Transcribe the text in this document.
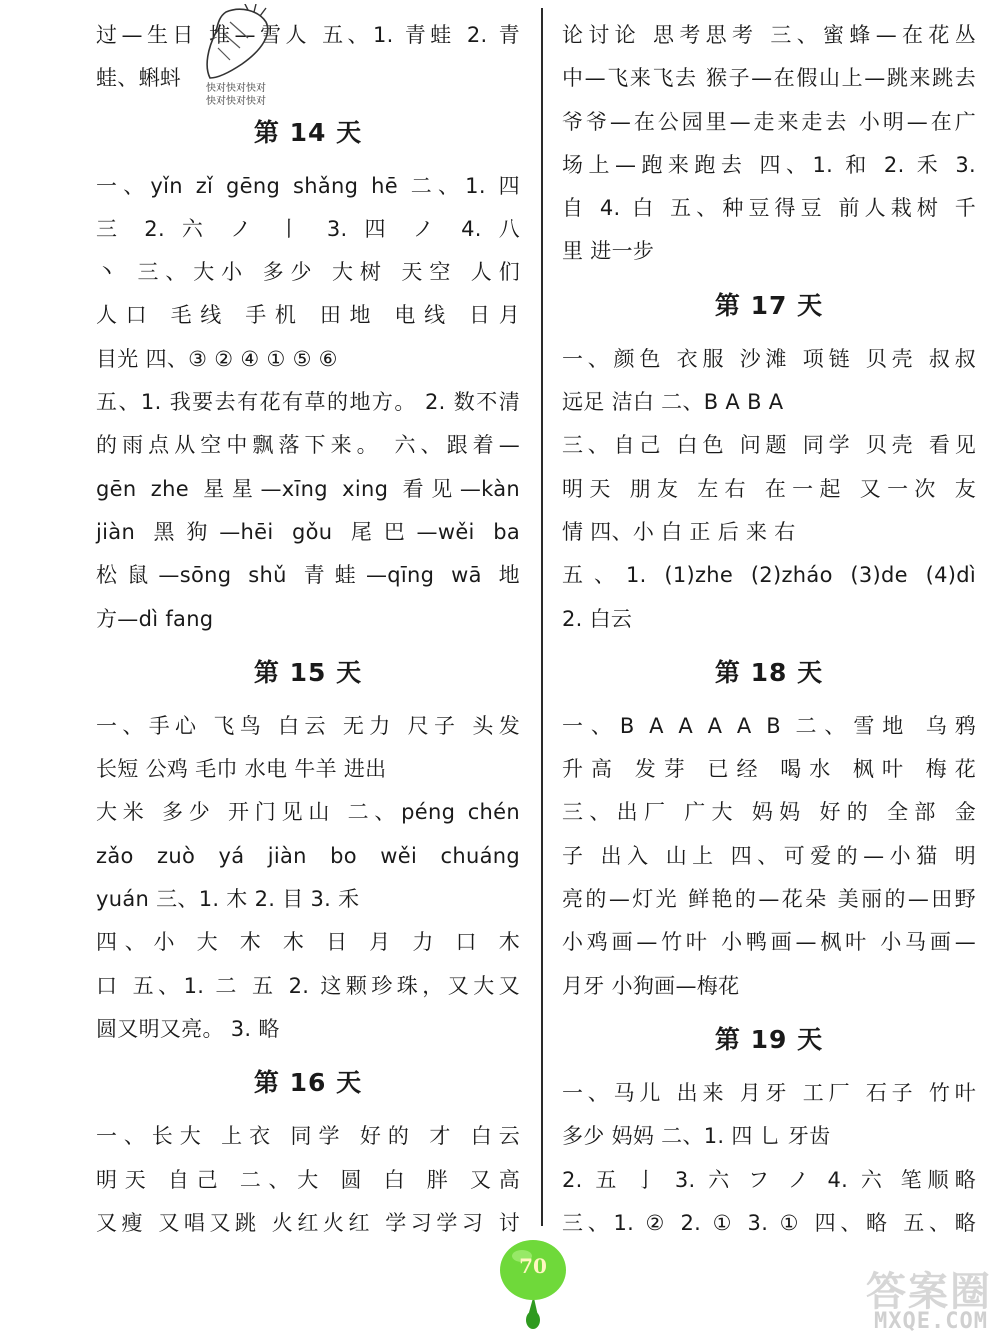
过—生日 堆—雪人 五、1. 青蛙 2. 青
蛙、蝌蚪
第 14 天
一、yǐn zǐ gēng shǎng hē 二、1. 四
三 2. 六 ノ 丨 3. 四 ノ 4. 八
丶 三、大小 多少 大树 天空 人们
人口 毛线 手机 田地 电线 日月
目光 四、③ ② ④ ① ⑤ ⑥
五、1. 我要去有花有草的地方。 2. 数不清
的雨点从空中飘落下来。 六、跟着—
gēn zhe 星星—xīng xing 看见—kàn
jiàn 黑狗—hēi gǒu 尾巴—wěi ba
松鼠—sōng shǔ 青蛙—qīng wā 地
方—dì fang
第 15 天
一、手心 飞鸟 白云 无力 尺子 头发
长短 公鸡 毛巾 水电 牛羊 进出
大米 多少 开门见山 二、péng chén
zǎo zuò yá jiàn bo wěi chuáng
yuán 三、1. 木 2. 目 3. 禾
四、小 大 木 木 日 月 力 口 木
口 五、1. 二 五 2. 这颗珍珠，又大又
圆又明又亮。 3. 略
第 16 天
一、长大 上衣 同学 好的 才 白云
明天 自己 二、大 圆 白 胖 又高
又瘦 又唱又跳 火红火红 学习学习 讨
快对快对快对
快对快对快对
论讨论 思考思考 三、蜜蜂—在花丛
中—飞来飞去 猴子—在假山上—跳来跳去
爷爷—在公园里—走来走去 小明—在广
场上—跑来跑去 四、1. 和 2. 禾 3.
自 4. 白 五、种豆得豆 前人栽树 千
里 进一步
第 17 天
一、颜色 衣服 沙滩 项链 贝壳 叔叔
远足 洁白 二、B A B A
三、自己 白色 问题 同学 贝壳 看见
明天 朋友 左右 在一起 又一次 友
情 四、小 白 正 后 来 右
五、1. (1)zhe (2)zháo (3)de (4)dì
2. 白云
第 18 天
一、B A A A A B 二、雪地 乌鸦
升高 发芽 已经 喝水 枫叶 梅花
三、出厂 广大 妈妈 好的 全部 金
子 出入 山上 四、可爱的—小猫 明
亮的—灯光 鲜艳的—花朵 美丽的—田野
小鸡画—竹叶 小鸭画—枫叶 小马画—
月牙 小狗画—梅花
第 19 天
一、马儿 出来 月牙 工厂 石子 竹叶
多少 妈妈 二、1. 四 乚 牙齿
2. 五 亅 3. 六 フ ノ 4. 六 笔顺略
三、1. ② 2. ① 3. ① 四、略 五、略
70
答案圈
MXQE.COM
